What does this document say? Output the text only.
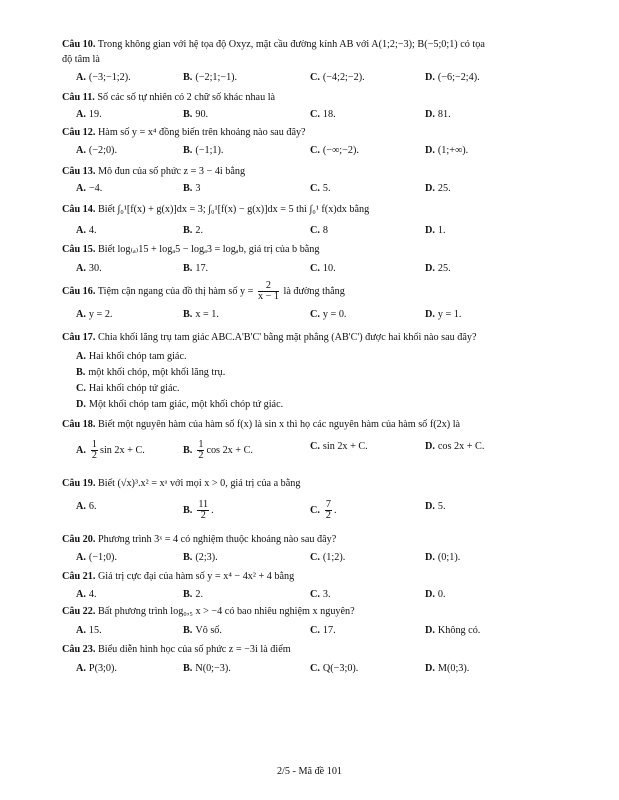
Câu 10. Trong không gian với hệ tọa độ Oxyz, mặt cầu đường kính AB với A(1;2;−3); B(−5;0;1) có tọa
độ tâm là
A. (−3;−1;2).	B. (−2;1;−1).	C. (−4;2;−2).	D. (−6;−2;4).
Câu 11. Số các số tự nhiên có 2 chữ số khác nhau là
A. 19.	B. 90.	C. 18.	D. 81.
Câu 12. Hàm số y = x⁴ đồng biến trên khoảng nào sau đây?
A. (−2;0).	B. (−1;1).	C. (−∞;−2).	D. (1;+∞).
Câu 13. Mô đun của số phức z = 3 − 4i bằng
A. −4.	B. 3	C. 5.	D. 25.
Câu 14. Biết ∫₀¹[f(x) + g(x)]dx = 3; ∫₀¹[f(x) − g(x)]dx = 5 thì ∫₀¹ f(x)dx bằng
A. 4.	B. 2.	C. 8	D. 1.
Câu 15. Biết log₍ₐ₎15 + logₐ5 − logₐ3 = logₐb, giá trị của b bằng
A. 30.	B. 17.	C. 10.	D. 25.
Câu 16. Tiệm cận ngang của đồ thị hàm số $y = \frac{2}{x - 1}$ là đường thẳng
A. y = 2.	B. x = 1.	C. y = 0.	D. y = 1.
Câu 17. Chia khối lăng trụ tam giác ABC.A'B'C' bằng mặt phẳng (AB'C') được hai khối nào sau đây?
A. Hai khối chóp tam giác.
B. một khối chóp, một khối lăng trụ.
C. Hai khối chóp tứ giác.
D. Một khối chóp tam giác, một khối chóp tứ giác.
Câu 18. Biết một nguyên hàm của hàm số f(x) là sin x thì họ các nguyên hàm của hàm số f(2x) là
A. $\frac{1}{2}$ sin 2x + C.	B. $\frac{1}{2}$ cos 2x + C.	C. sin 2x + C.	D. cos 2x + C.
Câu 19. Biết (√x)³.x² = xᵃ với mọi x > 0, giá trị của a bằng
A. 6.	B. $\frac{11}{2}$ .	C. $\frac{7}{2}$ .	D. 5.
Câu 20. Phương trình 3ˣ = 4 có nghiệm thuộc khoảng nào sau đây?
A. (−1;0).	B. (2;3).	C. (1;2).	D. (0;1).
Câu 21. Giá trị cực đại của hàm số y = x⁴ − 4x² + 4 bằng
A. 4.	B. 2.	C. 3.	D. 0.
Câu 22. Bất phương trình log₀,₅ x > −4 có bao nhiêu nghiệm x nguyên?
A. 15.	B. Vô số.	C. 17.	D. Không có.
Câu 23. Biểu diễn hình học của số phức z = −3i là điểm
A. P(3;0).	B. N(0;−3).	C. Q(−3;0).	D. M(0;3).
2/5 - Mã đề 101
